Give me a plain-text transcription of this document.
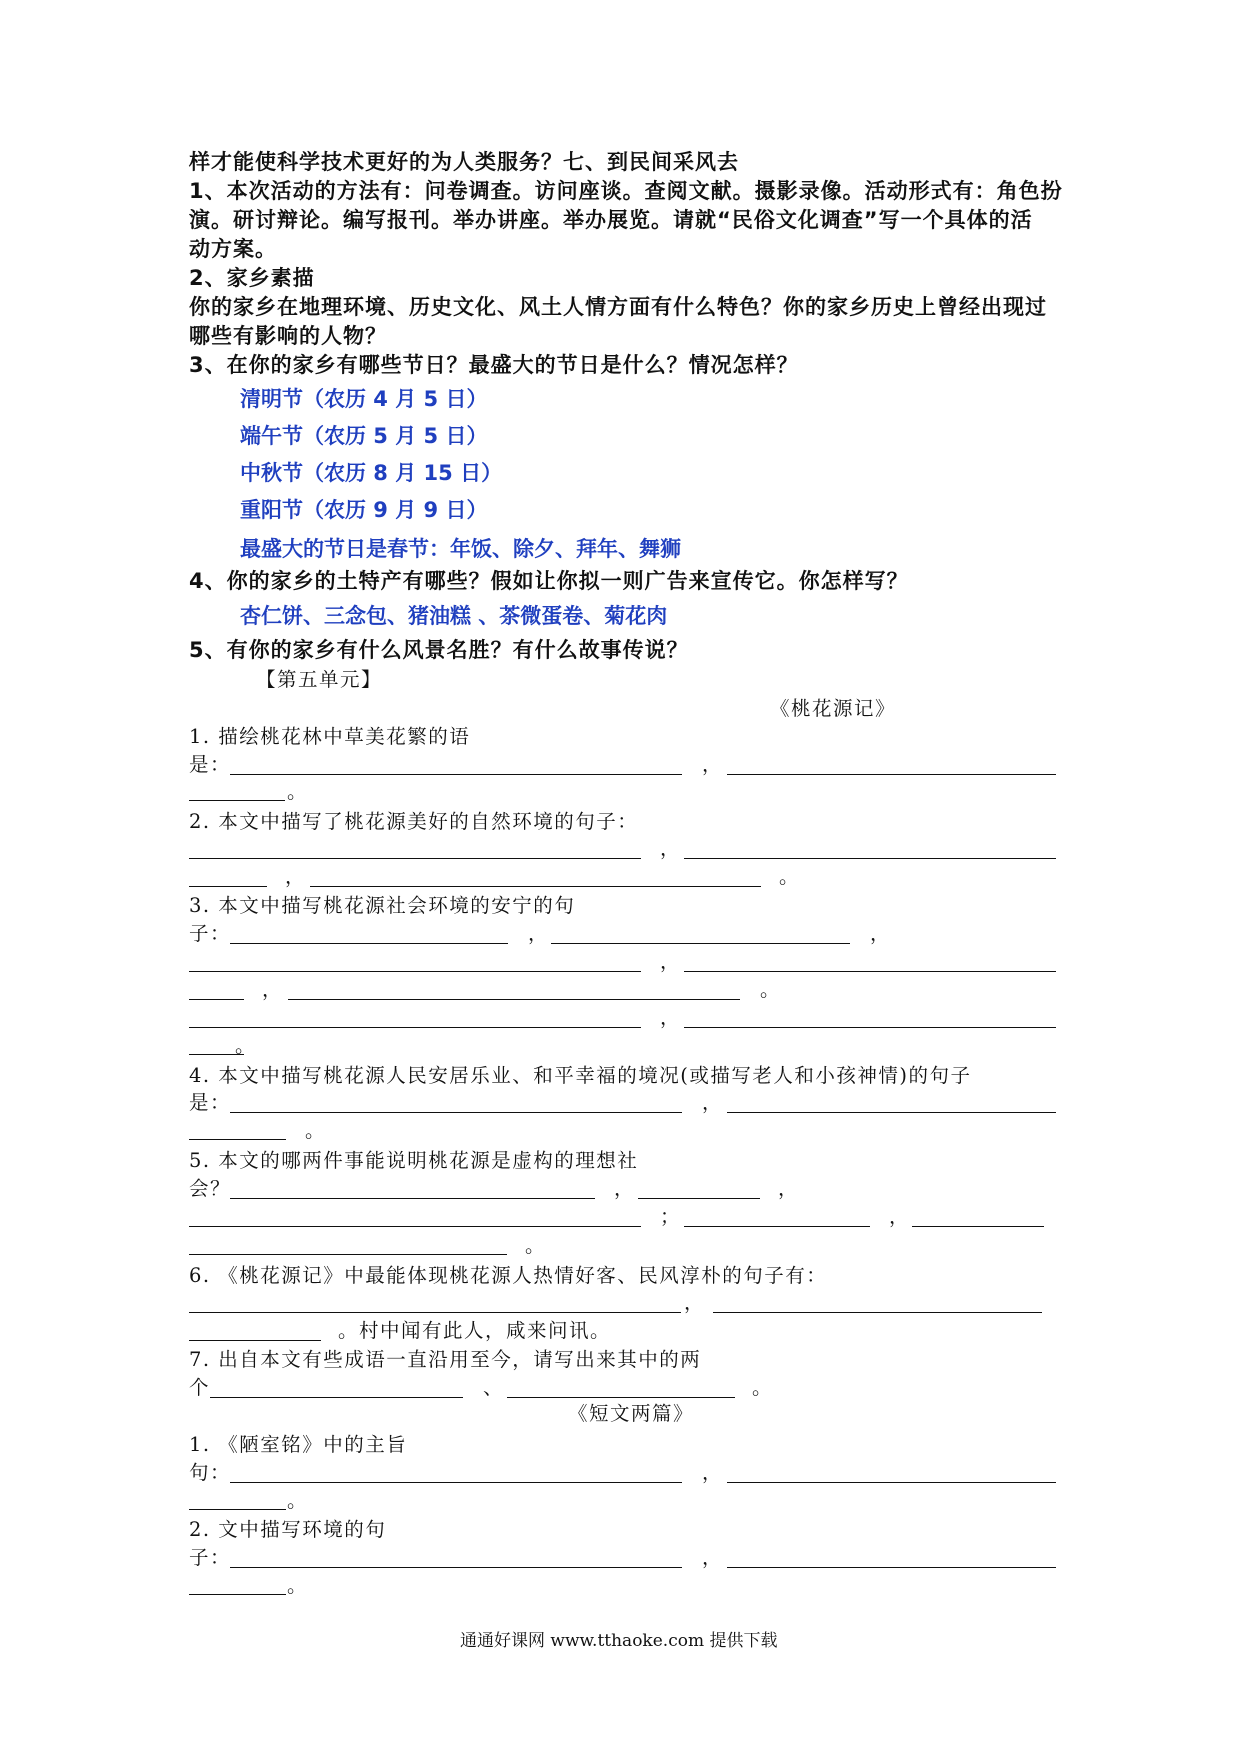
样才能使科学技术更好的为人类服务？七、到民间采风去
1、本次活动的方法有：问卷调查。访问座谈。查阅文献。摄影录像。活动形式有：角色扮
演。研讨辩论。编写报刊。举办讲座。举办展览。请就“民俗文化调查”写一个具体的活
动方案。
2、家乡素描
你的家乡在地理环境、历史文化、风土人情方面有什么特色？你的家乡历史上曾经出现过
哪些有影响的人物？
3、在你的家乡有哪些节日？最盛大的节日是什么？情况怎样？
清明节（农历 4 月 5 日）
端午节（农历 5 月 5 日）
中秋节（农历 8 月 15 日）
重阳节（农历 9 月 9 日）
最盛大的节日是春节：年饭、除夕、拜年、舞狮
4、你的家乡的土特产有哪些？假如让你拟一则广告来宣传它。你怎样写？
杏仁饼、三念包、猪油糕 、茶微蛋卷、菊花肉
5、有你的家乡有什么风景名胜？有什么故事传说？
【第五单元】
《桃花源记》
1. 描绘桃花林中草美花繁的语
是：	，
。
2. 本文中描写了桃花源美好的自然环境的句子：
，
，	。
3. 本文中描写桃花源社会环境的安宁的句
子：	，	，
，
，	。
，
。
4. 本文中描写桃花源人民安居乐业、和平幸福的境况(或描写老人和小孩神情)的句子
是：	，
。
5. 本文的哪两件事能说明桃花源是虚构的理想社
会？	，	，
；	，
。
6. 《桃花源记》中最能体现桃花源人热情好客、民风淳朴的句子有：
，
。村中闻有此人，咸来问讯。
7. 出自本文有些成语一直沿用至今，请写出来其中的两
个	、	。
《短文两篇》
1. 《陋室铭》中的主旨
句：	，
。
2. 文中描写环境的句
子：	，
。
通通好课网 www.tthaoke.com 提供下载
